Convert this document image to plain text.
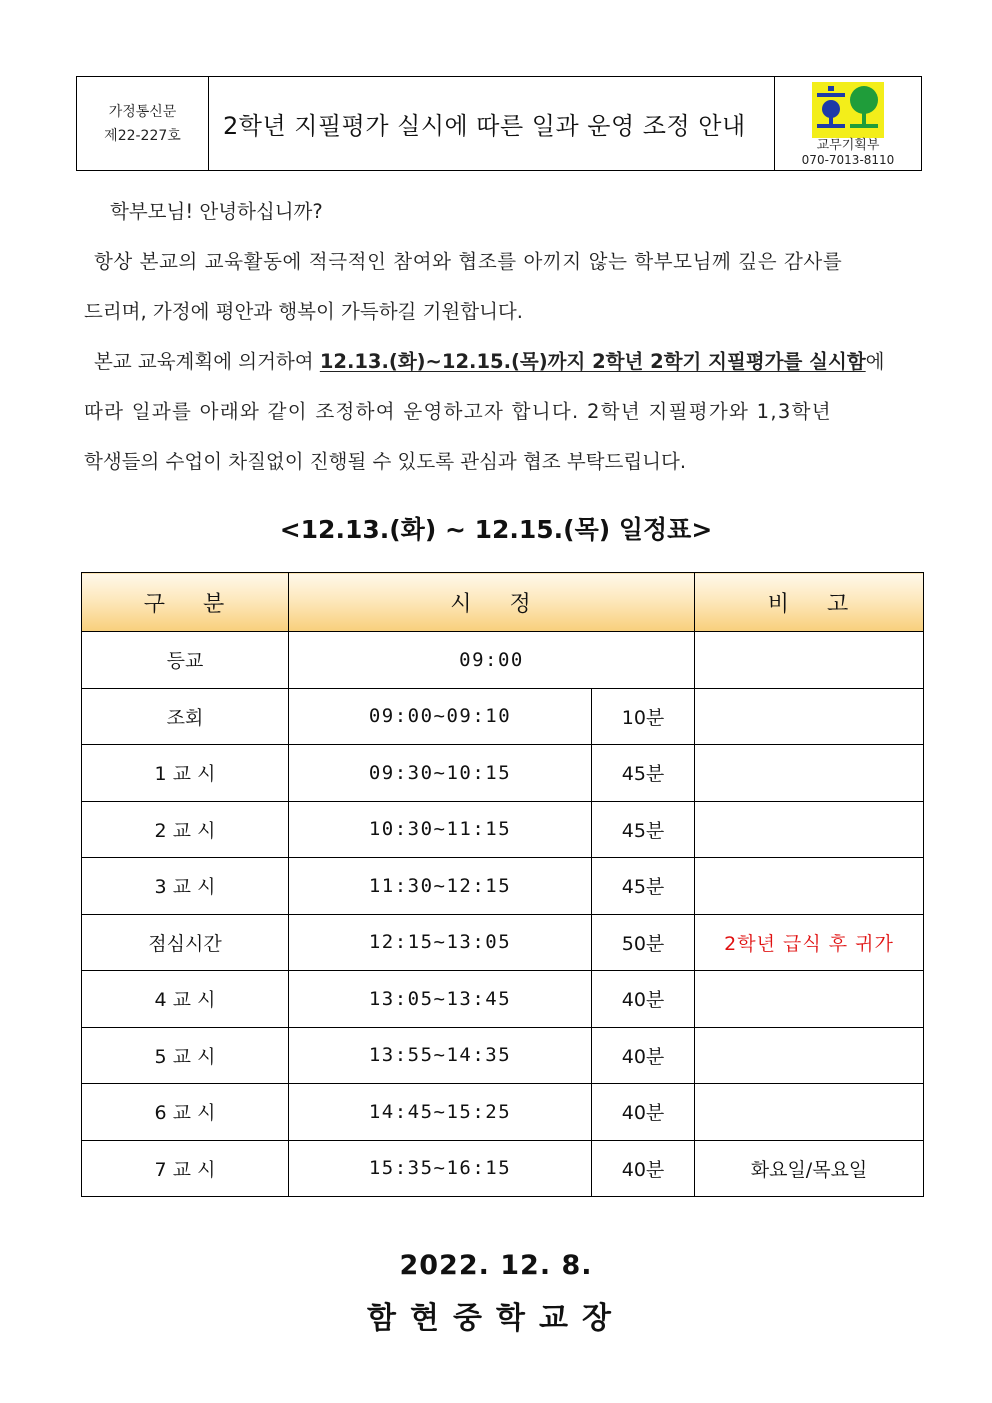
가정통신문
제22-227호	2학년 지필평가 실시에 따른 일과 운영 조정 안내
교무기획부
070-7013-8110
학부모님! 안녕하십니까?
항상 본교의 교육활동에 적극적인 참여와 협조를 아끼지 않는 학부모님께 깊은 감사를
드리며, 가정에 평안과 행복이 가득하길 기원합니다.
본교 교육계획에 의거하여 12.13.(화)~12.15.(목)까지 2학년 2학기 지필평가를 실시함에
따라 일과를 아래와 같이 조정하여 운영하고자 합니다. 2학년 지필평가와 1,3학년
학생들의 수업이 차질없이 진행될 수 있도록 관심과 협조 부탁드립니다.
<12.13.(화) ~ 12.15.(목) 일정표>
구    분	시    정		비    고
등교	09:00		
조회	09:00~09:10	10분	
1 교 시	09:30~10:15	45분	
2 교 시	10:30~11:15	45분	
3 교 시	11:30~12:15	45분	
점심시간	12:15~13:05	50분	2학년 급식 후 귀가
4 교 시	13:05~13:45	40분	
5 교 시	13:55~14:35	40분	
6 교 시	14:45~15:25	40분	
7 교 시	15:35~16:15	40분	화요일/목요일
2022. 12. 8.
함현중학교장
